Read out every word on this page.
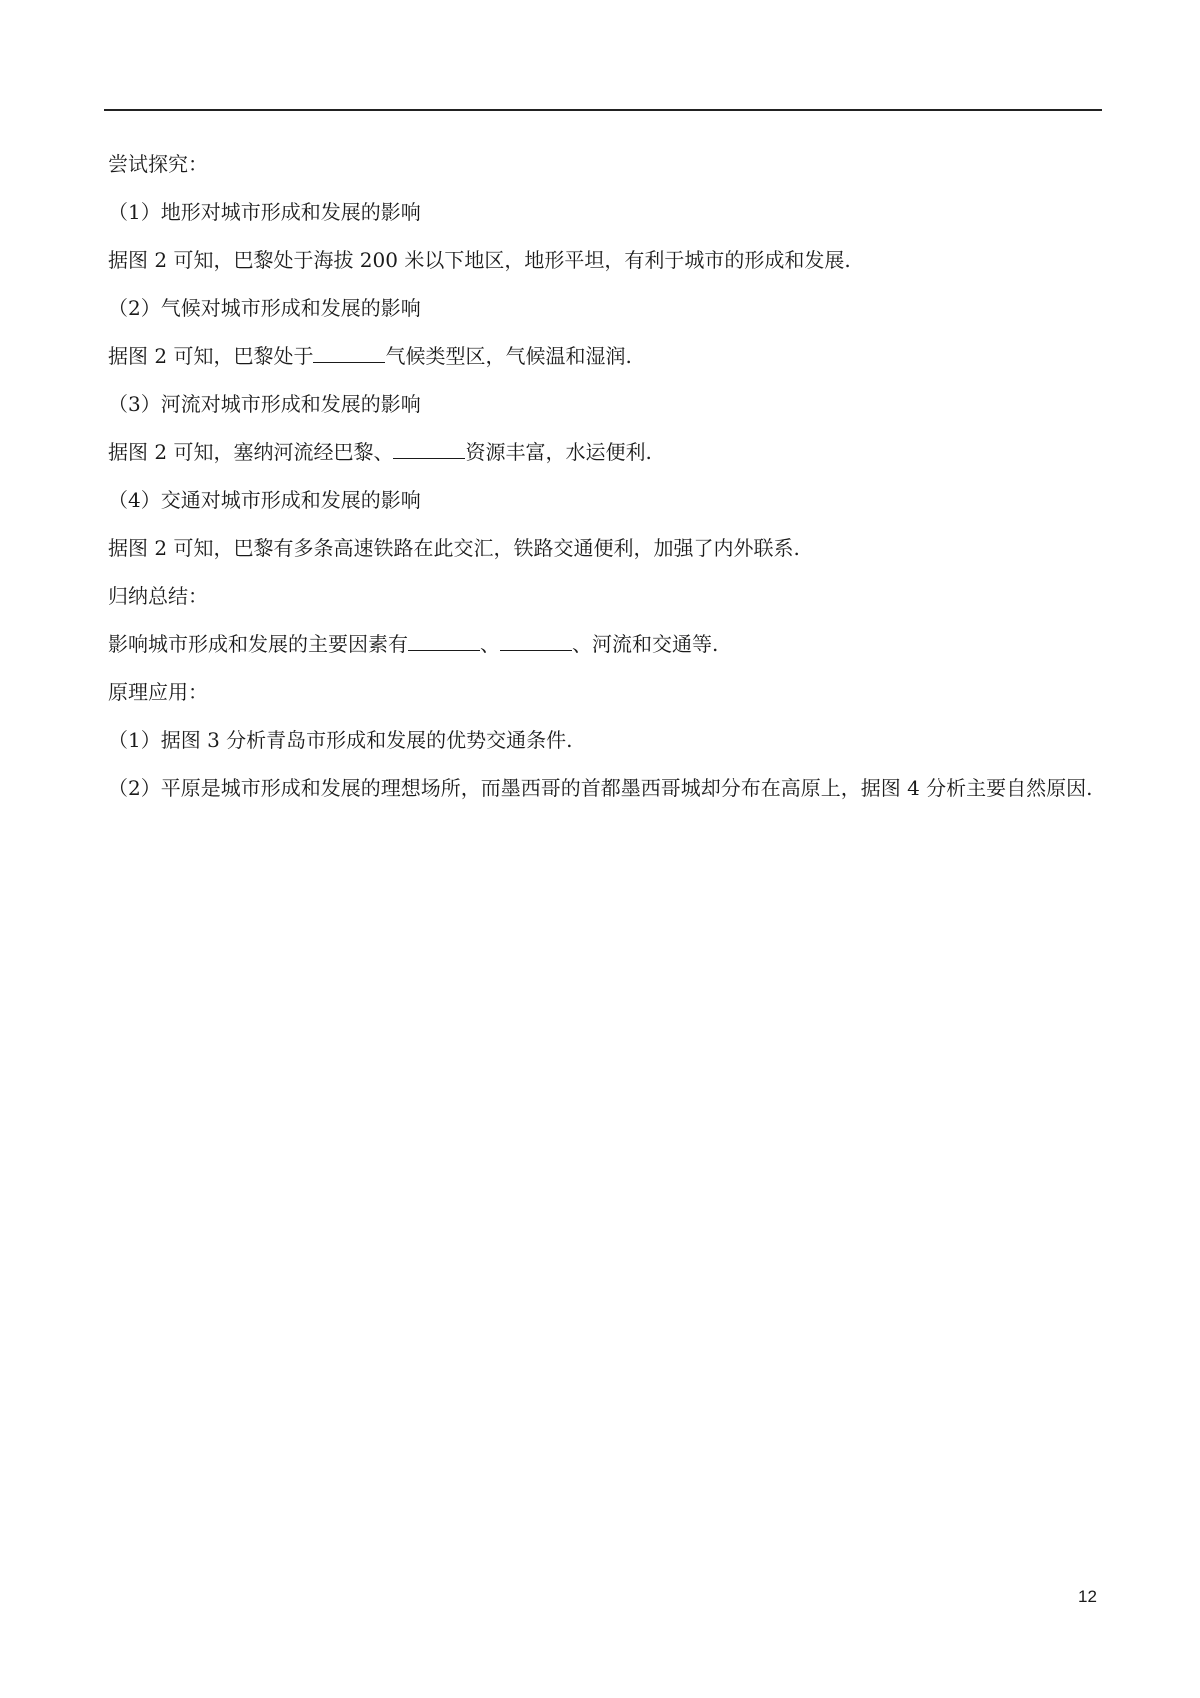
尝试探究：
（1）地形对城市形成和发展的影响
据图 2 可知，巴黎处于海拔 200 米以下地区，地形平坦，有利于城市的形成和发展.
（2）气候对城市形成和发展的影响
据图 2 可知，巴黎处于	气候类型区，气候温和湿润.
（3）河流对城市形成和发展的影响
据图 2 可知，塞纳河流经巴黎、	资源丰富，水运便利.
（4）交通对城市形成和发展的影响
据图 2 可知，巴黎有多条高速铁路在此交汇，铁路交通便利，加强了内外联系.
归纳总结：
影响城市形成和发展的主要因素有	、	、河流和交通等.
原理应用：
（1）据图 3 分析青岛市形成和发展的优势交通条件.
（2）平原是城市形成和发展的理想场所，而墨西哥的首都墨西哥城却分布在高原上，据图 4 分析主要自然原因.
12
